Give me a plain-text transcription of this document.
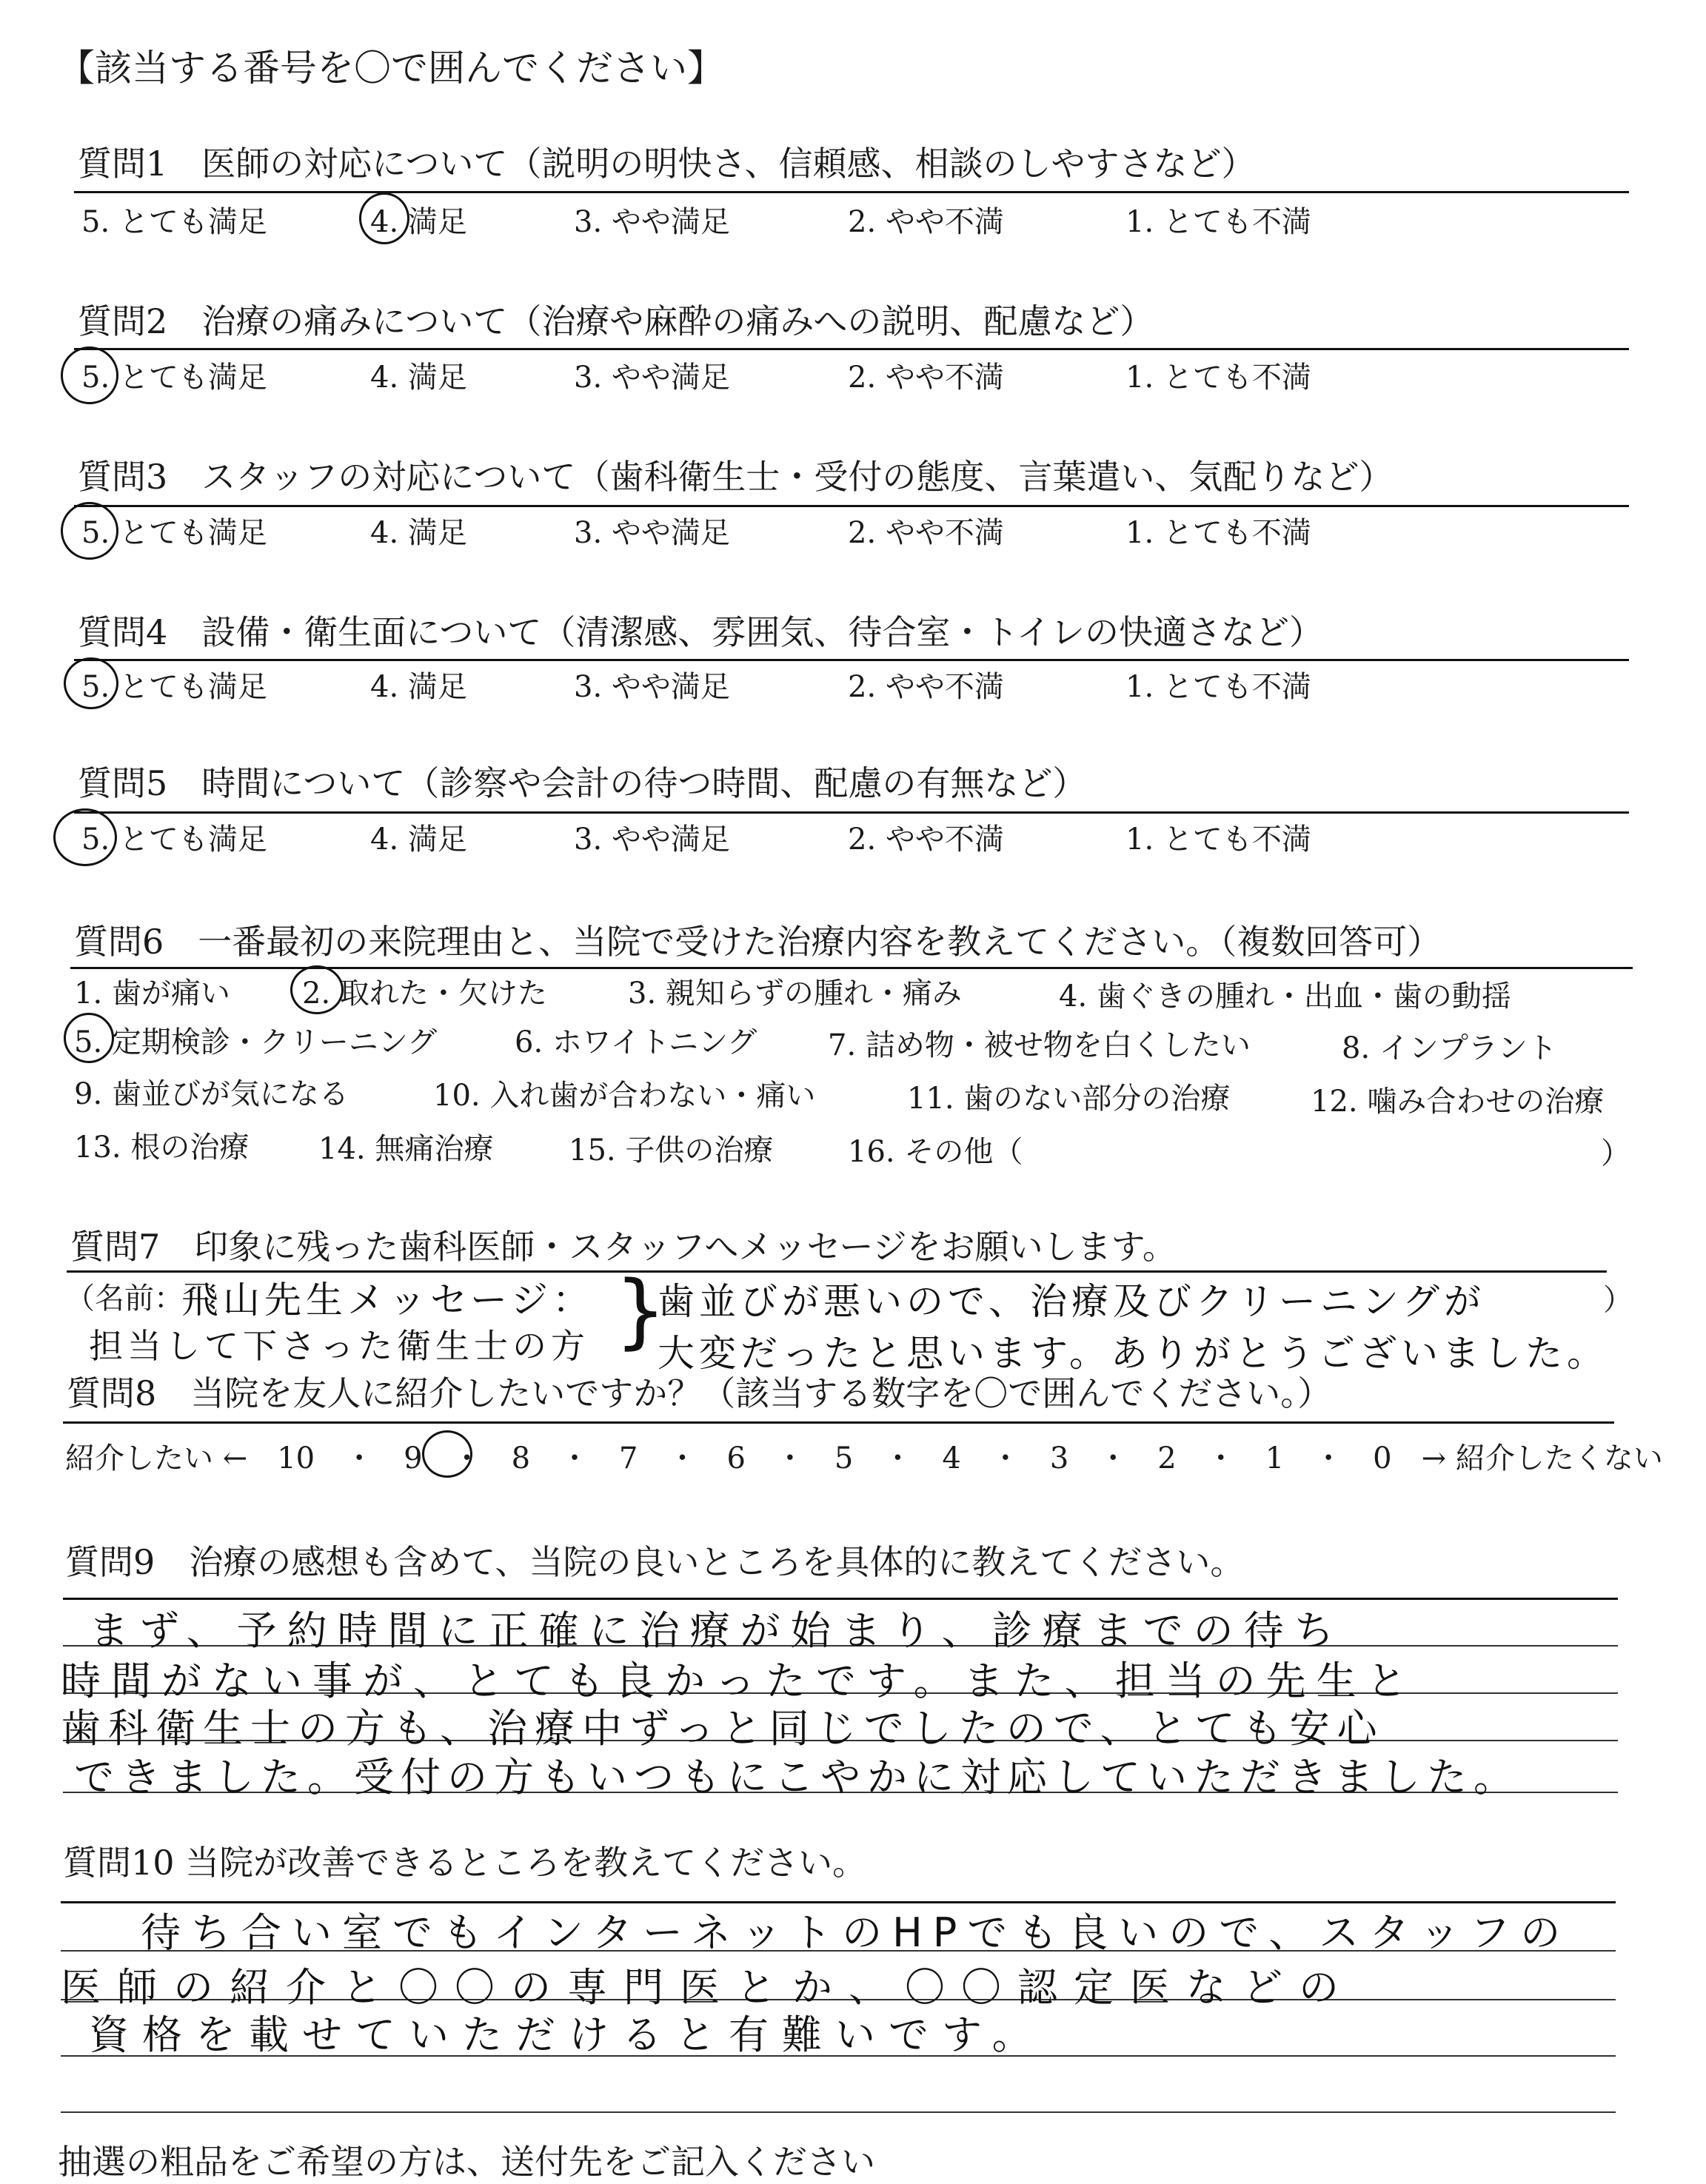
【該当する番号を〇で囲んでください】
質問1　医師の対応について（説明の明快さ、信頼感、相談のしやすさなど）
5. とても満足	4. 満足	3. やや満足	2. やや不満	1. とても不満
質問2　治療の痛みについて（治療や麻酔の痛みへの説明、配慮など）
5. とても満足	4. 満足	3. やや満足	2. やや不満	1. とても不満
質問3　スタッフの対応について（歯科衛生士・受付の態度、言葉遣い、気配りなど）
5. とても満足	4. 満足	3. やや満足	2. やや不満	1. とても不満
質問4　設備・衛生面について（清潔感、雰囲気、待合室・トイレの快適さなど）
5. とても満足	4. 満足	3. やや満足	2. やや不満	1. とても不満
質問5　時間について（診察や会計の待つ時間、配慮の有無など）
5. とても満足	4. 満足	3. やや満足	2. やや不満	1. とても不満
質問6　一番最初の来院理由と、当院で受けた治療内容を教えてください。（複数回答可）
1. 歯が痛い 2. 取れた・欠けた	3. 親知らずの腫れ・痛み	4. 歯ぐきの腫れ・出血・歯の動揺
5. 定期検診・クリーニング	6. ホワイトニング 7. 詰め物・被せ物を白くしたい	8. インプラント
9. 歯並びが気になる	10. 入れ歯が合わない・痛い	11. 歯のない部分の治療	12. 噛み合わせの治療
13. 根の治療 14. 無痛治療	15. 子供の治療	16. その他（	）
質問7　印象に残った歯科医師・スタッフへメッセージをお願いします。
（名前：
飛山先生メッセージ：
担当して下さった衛生士の方 }
歯並びが悪いので、治療及びクリーニングが	）
大変だったと思います。ありがとうございました。
質問8　当院を友人に紹介したいですか？（該当する数字を〇で囲んでください。）
紹介したい ←　10　・　9　・　8　・　7　・　6　・　5　・　4　・　3　・　2　・　1　・　0　→ 紹介したくない
質問9　治療の感想も含めて、当院の良いところを具体的に教えてください。
まず、予約時間に正確に治療が始まり、診療までの待ち
時間がない事が、とても良かったです。また、担当の先生と
歯科衛生士の方も、治療中ずっと同じでしたので、とても安心
できました。受付の方もいつもにこやかに対応していただきました。
質問10 当院が改善できるところを教えてください。
待ち合い室でもインターネットのHPでも良いので、スタッフの
医師の紹介と〇〇の専門医とか、〇〇認定医などの
資格を載せていただけると有難いです。
抽選の粗品をご希望の方は、送付先をご記入ください
